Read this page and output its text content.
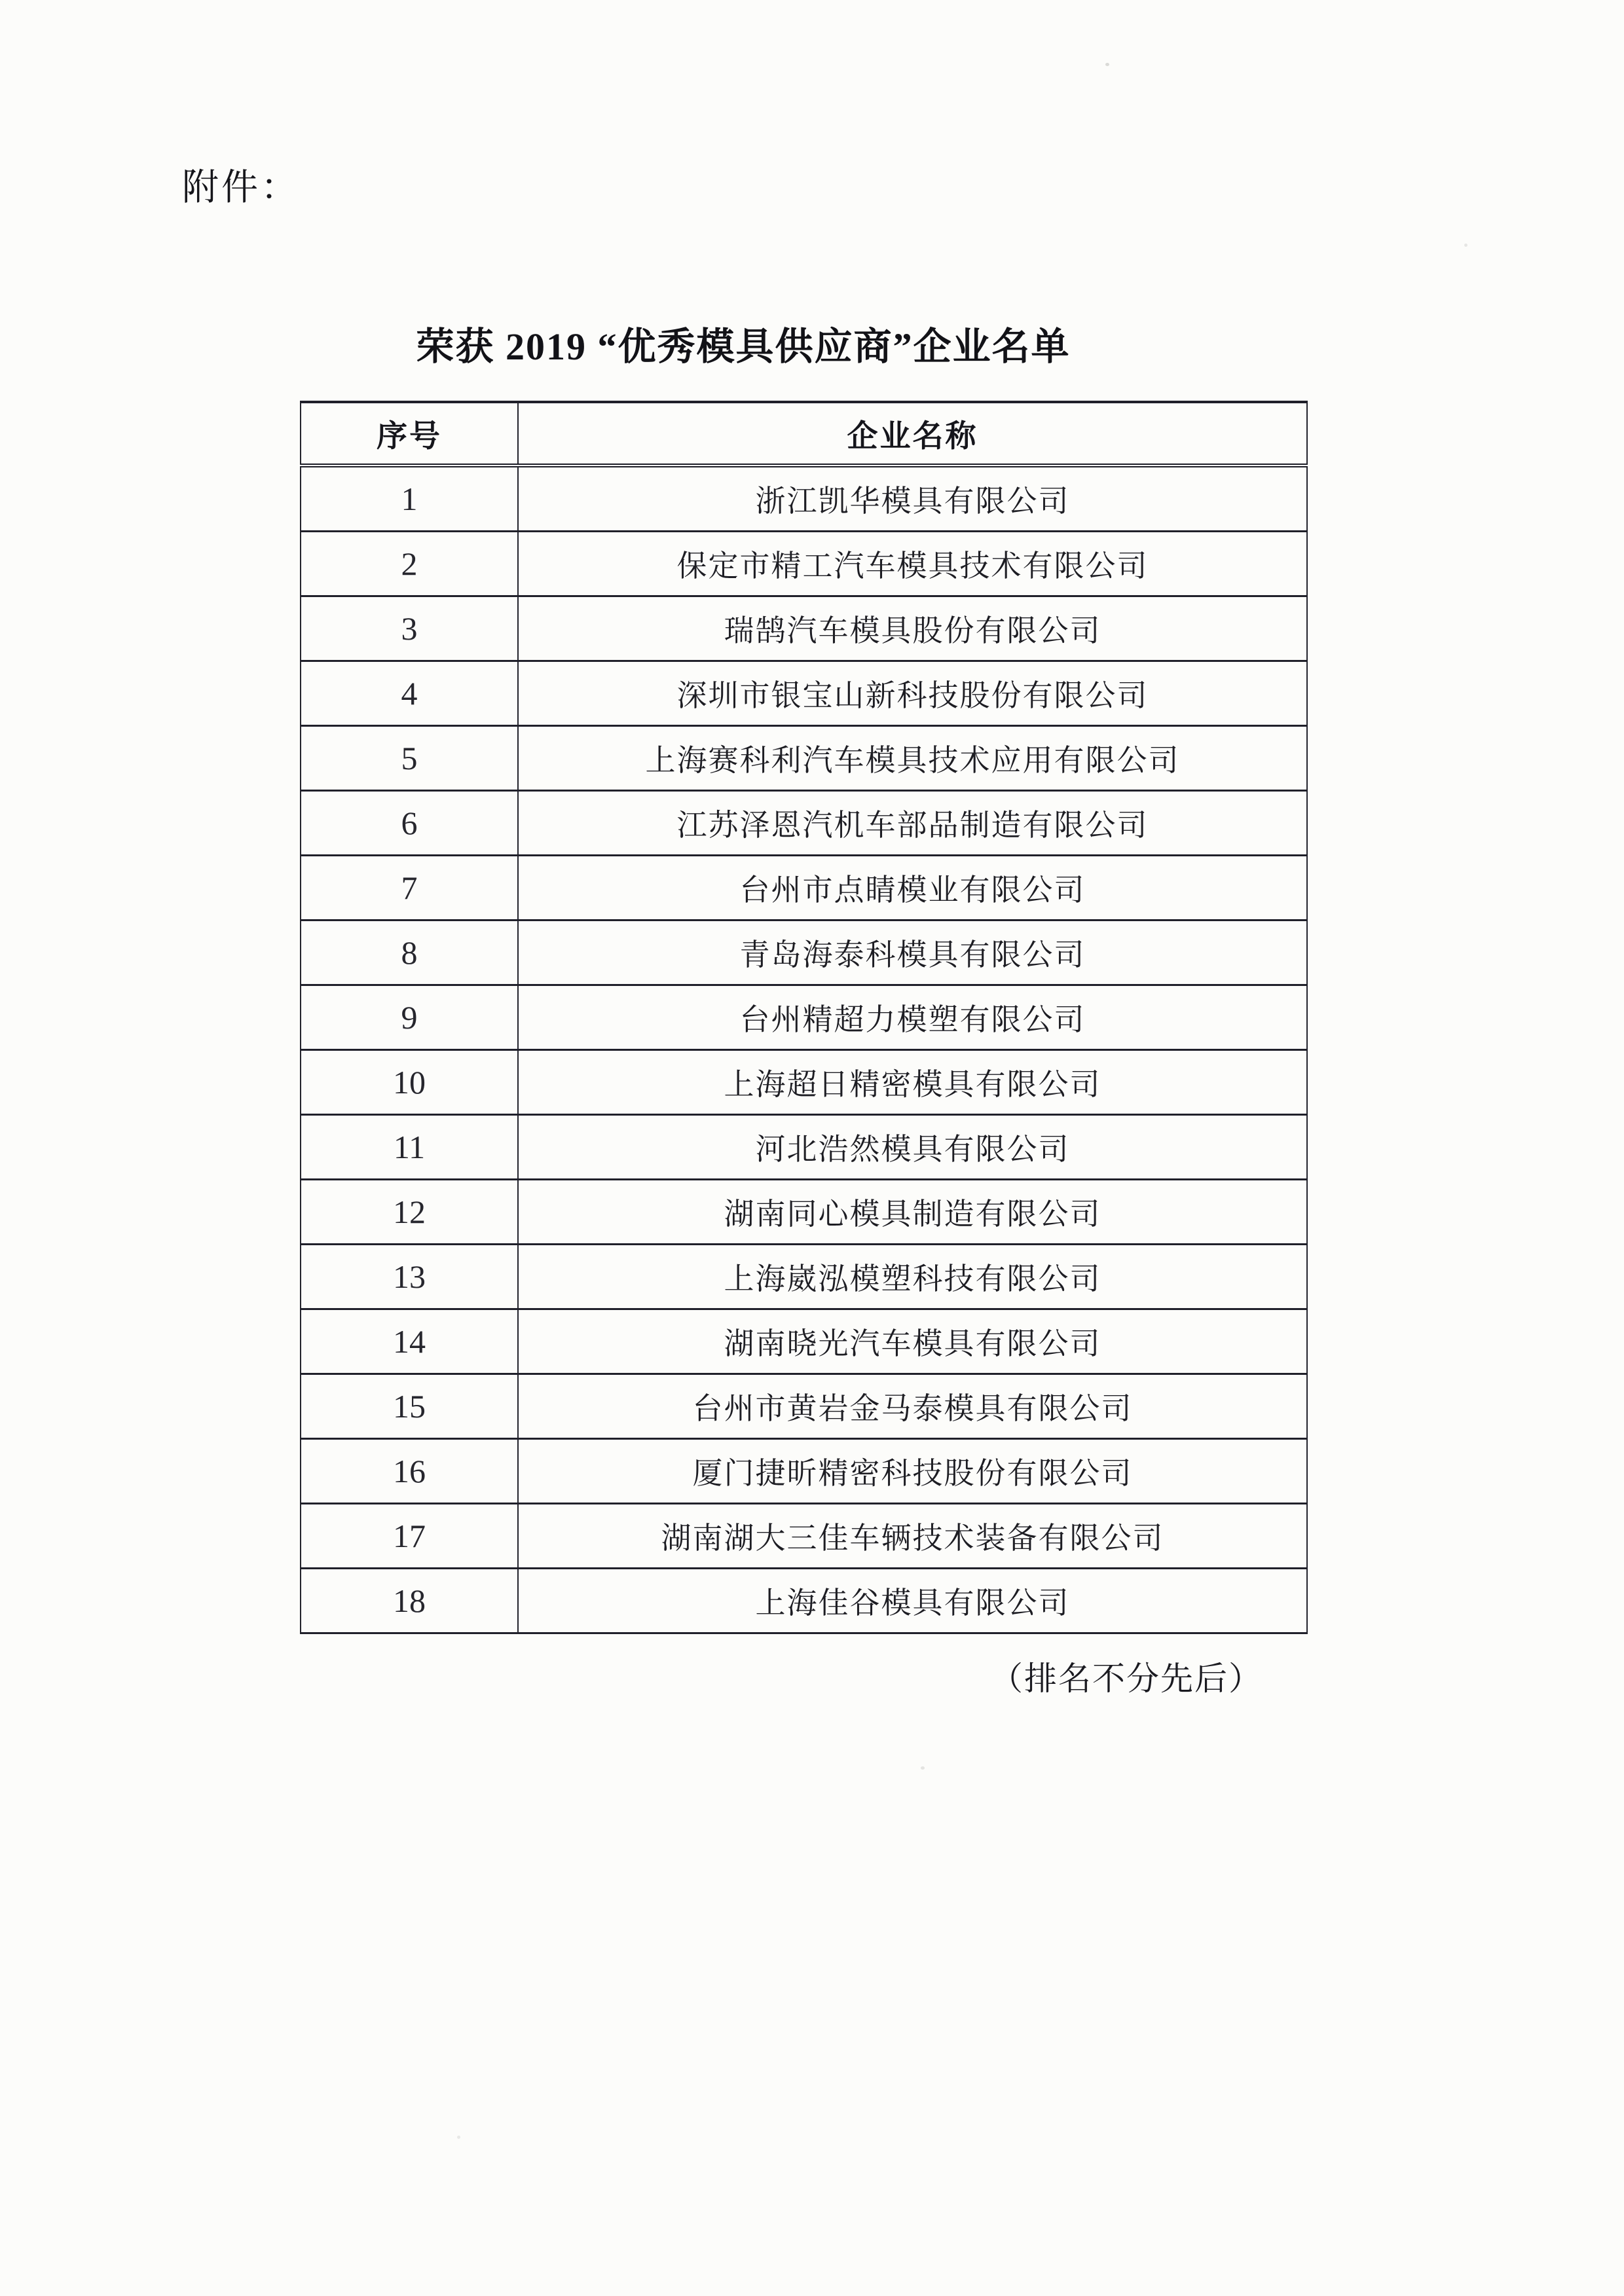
附件：
荣获 2019 “优秀模具供应商”企业名单
序号	企业名称
1	浙江凯华模具有限公司
2	保定市精工汽车模具技术有限公司
3	瑞鹄汽车模具股份有限公司
4	深圳市银宝山新科技股份有限公司
5	上海赛科利汽车模具技术应用有限公司
6	江苏泽恩汽机车部品制造有限公司
7	台州市点睛模业有限公司
8	青岛海泰科模具有限公司
9	台州精超力模塑有限公司
10	上海超日精密模具有限公司
11	河北浩然模具有限公司
12	湖南同心模具制造有限公司
13	上海崴泓模塑科技有限公司
14	湖南晓光汽车模具有限公司
15	台州市黄岩金马泰模具有限公司
16	厦门捷昕精密科技股份有限公司
17	湖南湖大三佳车辆技术装备有限公司
18	上海佳谷模具有限公司
（排名不分先后）
